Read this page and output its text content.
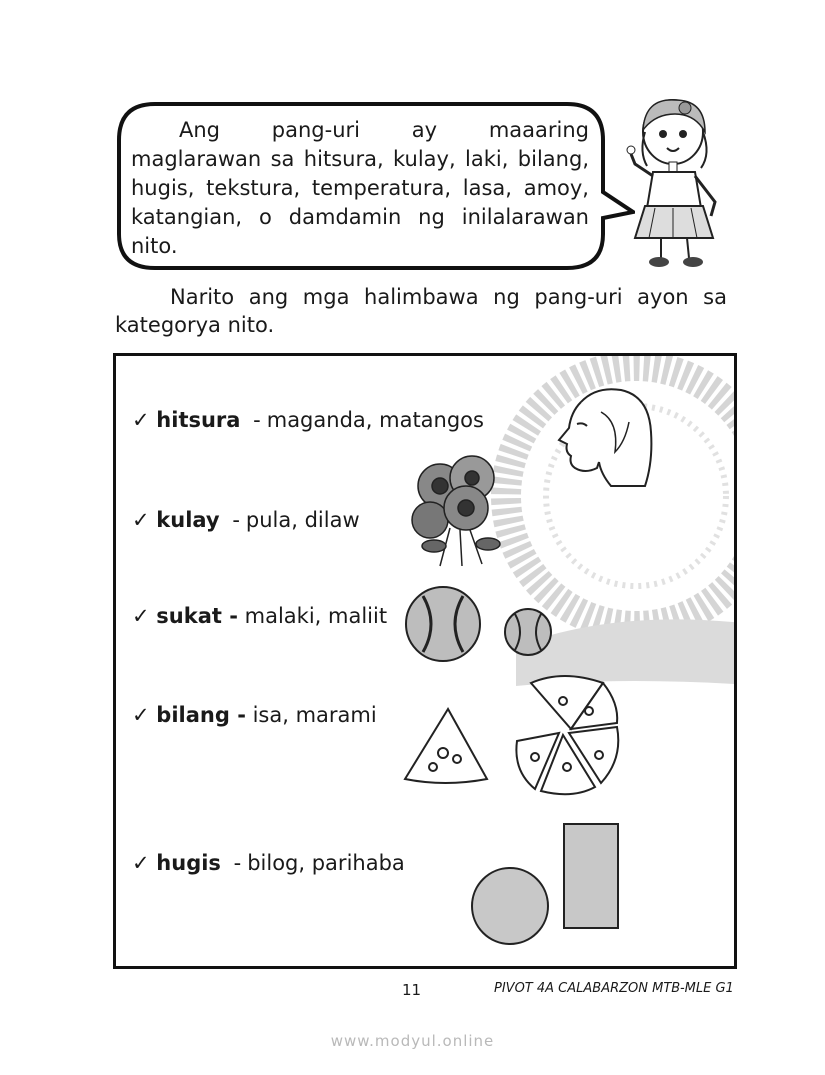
Ang pang-uri ay maaaring maglarawan sa hitsura, kulay, laki, bilang, hugis, tekstura, temperatura, lasa, amoy, katangian, o damdamin ng inilalarawan nito.
Narito ang mga halimbawa ng pang-uri ayon sa kategorya nito.
✓ hitsura - maganda, matangos
✓ kulay - pula, dilaw
✓ sukat - malaki, maliit
✓ bilang - isa, marami
✓ hugis - bilog, parihaba
11	PIVOT 4A CALABARZON MTB-MLE G1
www.modyul.online
